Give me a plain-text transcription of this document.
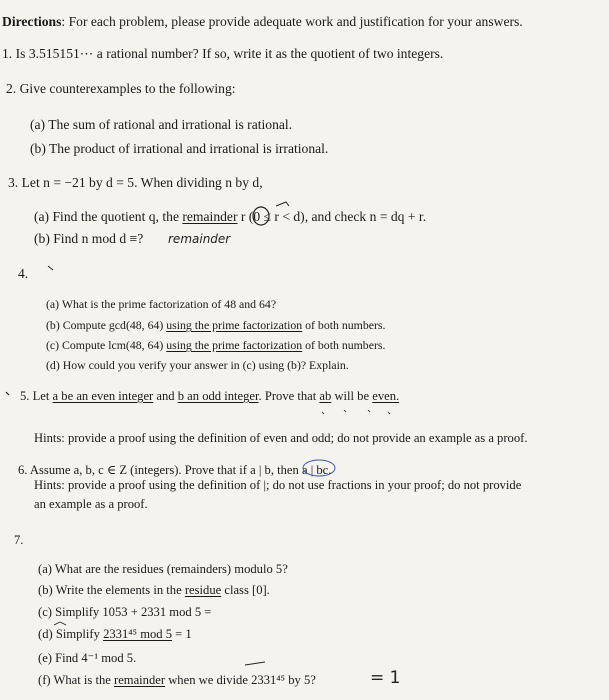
Directions: For each problem, please provide adequate work and justification for your answers.
1. Is 3.515151⋯ a rational number? If so, write it as the quotient of two integers.
2. Give counterexamples to the following:
(a) The sum of rational and irrational is rational.
(b) The product of irrational and irrational is irrational.
3. Let n = −21 by d = 5. When dividing n by d,
(a) Find the quotient q, the remainder r (0 ≤ r < d), and check n = dq + r.
(b) Find n mod d ≡? remainder
4.
(a) What is the prime factorization of 48 and 64?
(b) Compute gcd(48, 64) using the prime factorization of both numbers.
(c) Compute lcm(48, 64) using the prime factorization of both numbers.
(d) How could you verify your answer in (c) using (b)? Explain.
5. Let a be an even integer and b an odd integer. Prove that ab will be even.
Hints: provide a proof using the definition of even and odd; do not provide an example as a proof.
6. Assume a, b, c ∈ Z (integers). Prove that if a | b, then a | bc.
Hints: provide a proof using the definition of |; do not use fractions in your proof; do not provide
an example as a proof.
7.
(a) What are the residues (remainders) modulo 5?
(b) Write the elements in the residue class [0].
(c) Simplify 1053 + 2331 mod 5 =
(d) Simplify 2331⁴⁵ mod 5 = 1
(e) Find 4⁻¹ mod 5.
(f) What is the remainder when we divide 2331⁴⁵ by 5?	= 1
